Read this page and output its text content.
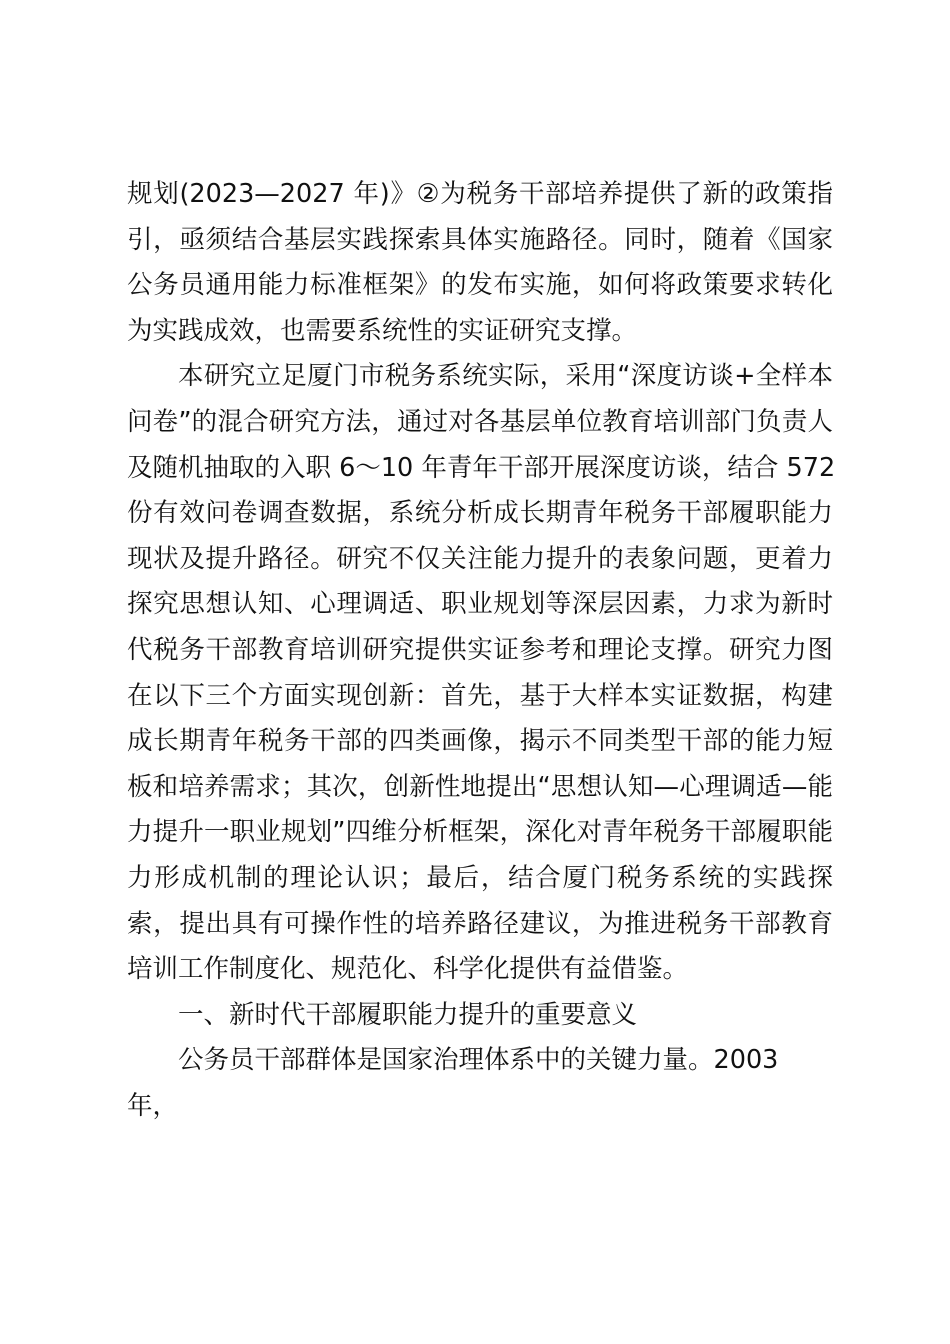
规划(2023—2027 年)》②为税务干部培养提供了新的政策指
引，亟须结合基层实践探索具体实施路径。同时，随着《国家
公务员通用能力标准框架》的发布实施，如何将政策要求转化
为实践成效，也需要系统性的实证研究支撑。
本研究立足厦门市税务系统实际，采用“深度访谈+全样本
问卷”的混合研究方法，通过对各基层单位教育培训部门负责人
及随机抽取的入职 6～10 年青年干部开展深度访谈，结合 572
份有效问卷调查数据，系统分析成长期青年税务干部履职能力
现状及提升路径。研究不仅关注能力提升的表象问题，更着力
探究思想认知、心理调适、职业规划等深层因素，力求为新时
代税务干部教育培训研究提供实证参考和理论支撑。研究力图
在以下三个方面实现创新：首先，基于大样本实证数据，构建
成长期青年税务干部的四类画像，揭示不同类型干部的能力短
板和培养需求；其次，创新性地提出“思想认知—心理调适—能
力提升一职业规划”四维分析框架，深化对青年税务干部履职能
力形成机制的理论认识；最后，结合厦门税务系统的实践探
索，提出具有可操作性的培养路径建议，为推进税务干部教育
培训工作制度化、规范化、科学化提供有益借鉴。
一、新时代干部履职能力提升的重要意义
公务员干部群体是国家治理体系中的关键力量。2003
年，
